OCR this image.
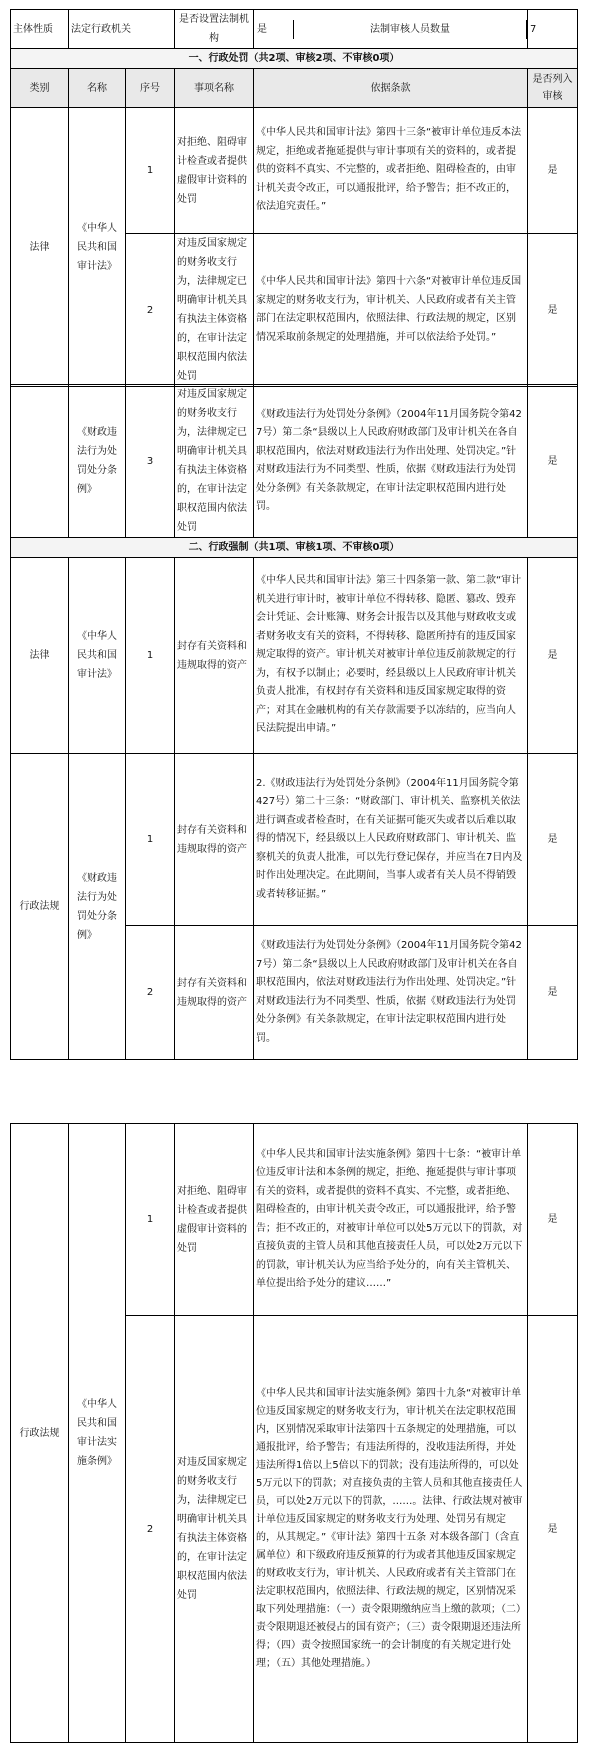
主体性质	法定行政机关		是否设置法制机构	是 法制审核人员数量	7
一、行政处罚（共2项、审核2项、不审核0项）					
类别	名称	序号	事项名称	依据条款	是否列入审核
法律	《中华人民共和国审计法》	1	对拒绝、阻碍审计检查或者提供虚假审计资料的处罚	《中华人民共和国审计法》第四十三条“被审计单位违反本法规定，拒绝或者拖延提供与审计事项有关的资料的，或者提供的资料不真实、不完整的，或者拒绝、阻碍检查的，由审计机关责令改正，可以通报批评，给予警告；拒不改正的，依法追究责任。”	是
		2	对违反国家规定的财务收支行为，法律规定已明确审计机关具有执法主体资格的，在审计法定职权范围内依法处罚	《中华人民共和国审计法》第四十六条“对被审计单位违反国家规定的财务收支行为，审计机关、人民政府或者有关主管部门在法定职权范围内，依照法律、行政法规的规定，区别情况采取前条规定的处理措施，并可以依法给予处罚。”	是
	《财政违法行为处罚处分条例》	3	对违反国家规定的财务收支行为，法律规定已明确审计机关具有执法主体资格的，在审计法定职权范围内依法处罚	《财政违法行为处罚处分条例》（2004年11月国务院令第427号）第二条“县级以上人民政府财政部门及审计机关在各自职权范围内，依法对财政违法行为作出处理、处罚决定。”针对财政违法行为不同类型、性质，依据《财政违法行为处罚处分条例》有关条款规定，在审计法定职权范围内进行处罚。	是
二、行政强制（共1项、审核1项、不审核0项）					
法律	《中华人民共和国审计法》	1	封存有关资料和违规取得的资产	《中华人民共和国审计法》第三十四条第一款、第二款“审计机关进行审计时，被审计单位不得转移、隐匿、篡改、毁弃会计凭证、会计账簿、财务会计报告以及其他与财政收支或者财务收支有关的资料，不得转移、隐匿所持有的违反国家规定取得的资产。审计机关对被审计单位违反前款规定的行为，有权予以制止；必要时，经县级以上人民政府审计机关负责人批准，有权封存有关资料和违反国家规定取得的资产；对其在金融机构的有关存款需要予以冻结的，应当向人民法院提出申请。”	是
行政法规	《财政违法行为处罚处分条例》	1	封存有关资料和违规取得的资产	2.《财政违法行为处罚处分条例》（2004年11月国务院令第427号）第二十三条：“财政部门、审计机关、监察机关依法进行调查或者检查时，在有关证据可能灭失或者以后难以取得的情况下，经县级以上人民政府财政部门、审计机关、监察机关的负责人批准，可以先行登记保存，并应当在7日内及时作出处理决定。在此期间，当事人或者有关人员不得销毁或者转移证据。”	是
		2	封存有关资料和违规取得的资产	《财政违法行为处罚处分条例》（2004年11月国务院令第427号）第二条“县级以上人民政府财政部门及审计机关在各自职权范围内，依法对财政违法行为作出处理、处罚决定。”针对财政违法行为不同类型、性质，依据《财政违法行为处罚处分条例》有关条款规定，在审计法定职权范围内进行处罚。	是
行政法规	《中华人民共和国审计法实施条例》	1	对拒绝、阻碍审计检查或者提供虚假审计资料的处罚	《中华人民共和国审计法实施条例》第四十七条：“被审计单位违反审计法和本条例的规定，拒绝、拖延提供与审计事项有关的资料，或者提供的资料不真实、不完整，或者拒绝、阻碍检查的，由审计机关责令改正，可以通报批评，给予警告；拒不改正的，对被审计单位可以处5万元以下的罚款，对直接负责的主管人员和其他直接责任人员，可以处2万元以下的罚款，审计机关认为应当给予处分的，向有关主管机关、单位提出给予处分的建议……”	是
		2	对违反国家规定的财务收支行为，法律规定已明确审计机关具有执法主体资格的，在审计法定职权范围内依法处罚	《中华人民共和国审计法实施条例》第四十九条“对被审计单位违反国家规定的财务收支行为，审计机关在法定职权范围内，区别情况采取审计法第四十五条规定的处理措施，可以通报批评，给予警告；有违法所得的，没收违法所得，并处违法所得1倍以上5倍以下的罚款；没有违法所得的，可以处5万元以下的罚款；对直接负责的主管人员和其他直接责任人员，可以处2万元以下的罚款，……。法律、行政法规对被审计单位违反国家规定的财务收支行为处理、处罚另有规定的，从其规定。”《审计法》第四十五条 对本级各部门（含直属单位）和下级政府违反预算的行为或者其他违反国家规定的财政收支行为，审计机关、人民政府或者有关主管部门在法定职权范围内，依照法律、行政法规的规定，区别情况采取下列处理措施：（一）责令限期缴纳应当上缴的款项；（二）责令限期退还被侵占的国有资产；（三）责令限期退还违法所得；（四）责令按照国家统一的会计制度的有关规定进行处理；（五）其他处理措施。）	是
